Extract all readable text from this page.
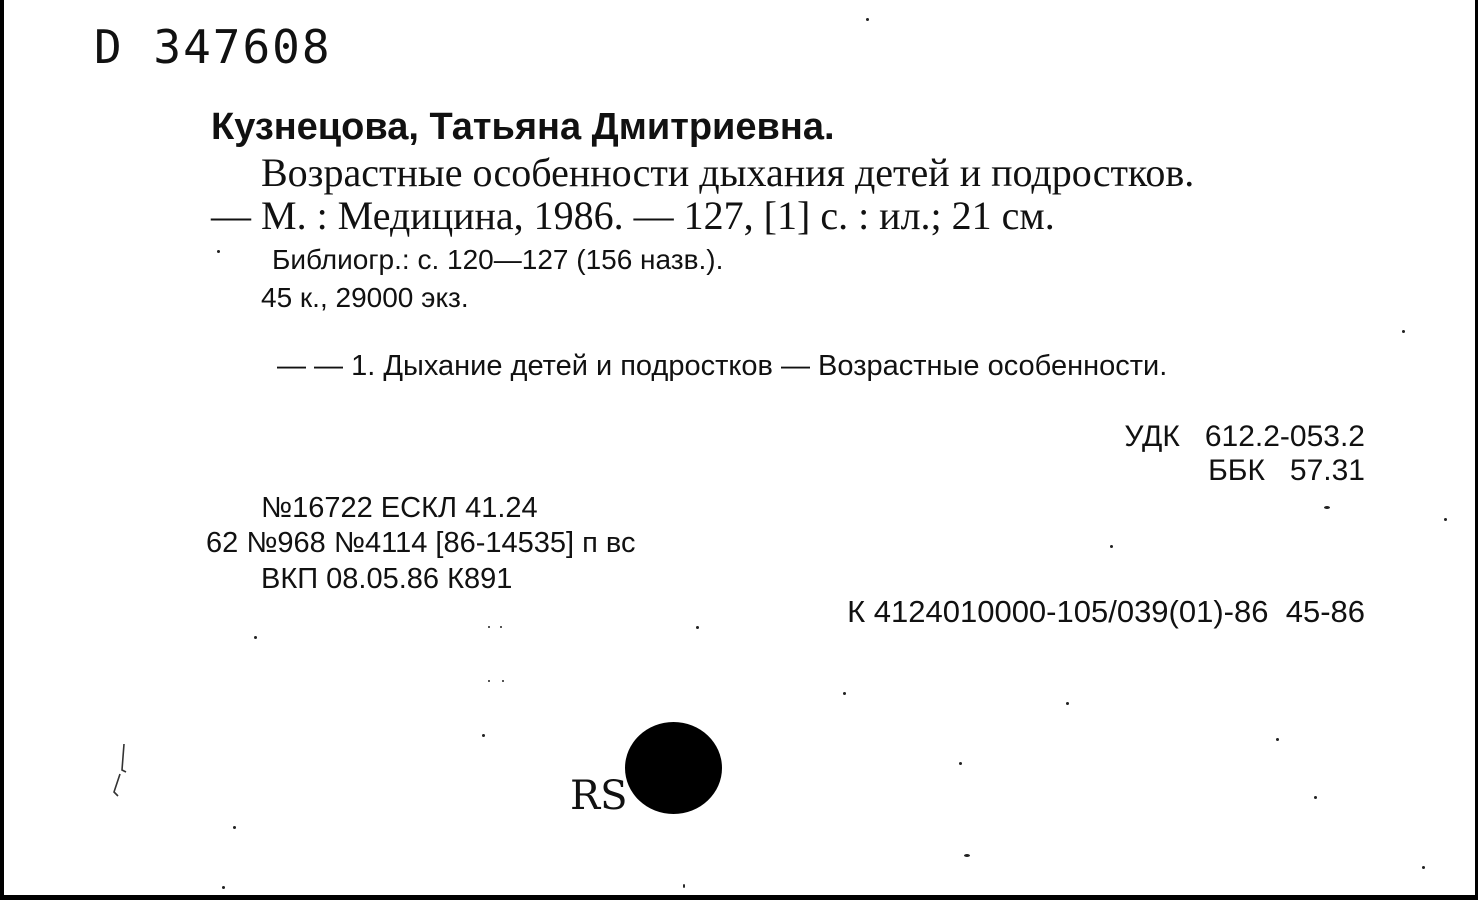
D 347608
Кузнецова, Татьяна Дмитриевна.
Возрастные особенности дыхания детей и подростков.
— М. : Медицина, 1986. — 127, [1] с. : ил.; 21 см.
Библиогр.: с. 120—127 (156 назв.).
45 к., 29000 экз.
— — 1. Дыхание детей и подростков — Возрастные особенности.
УДК   612.2-053.2
ББК   57.31
№16722 ЕСКЛ 41.24
62 №968 №4114 [86-14535] п вс
ВКП 08.05.86 К891
К 4124010000-105/039(01)-86  45-86
RS
